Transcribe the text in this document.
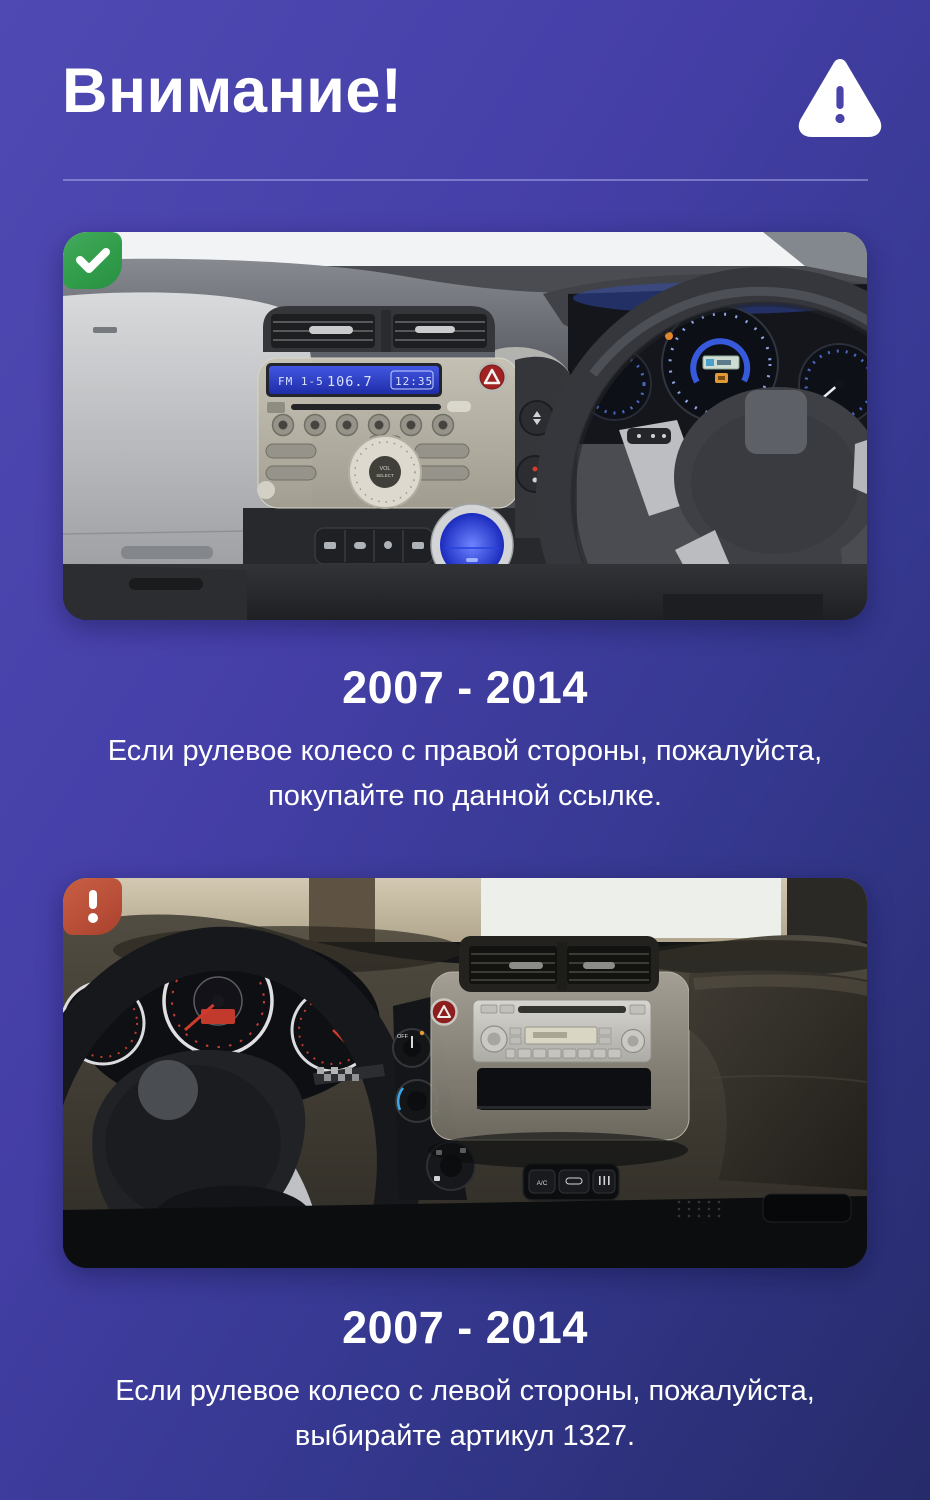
Внимание!
FM 1-5 106.7 12:35
VOL
SELECT
2007 - 2014

Если рулевое колесо с правой стороны, пожалуйста,
покупайте по данной ссылке.

OFF
A/C
2007 - 2014

Если рулевое колесо с левой стороны, пожалуйста,
выбирайте артикул 1327.
